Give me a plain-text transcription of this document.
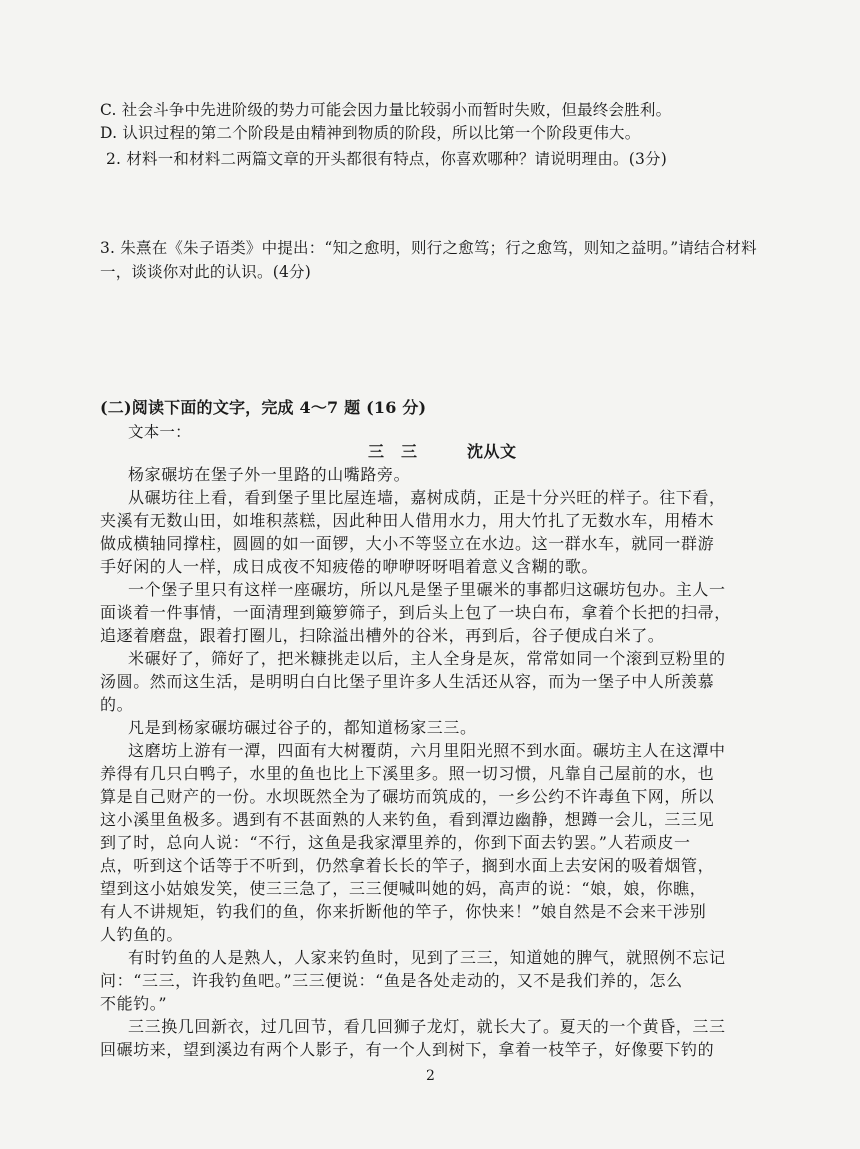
C. 社会斗争中先进阶级的势力可能会因力量比较弱小而暂时失败，但最终会胜利。
D. 认识过程的第二个阶段是由精神到物质的阶段，所以比第一个阶段更伟大。
2. 材料一和材料二两篇文章的开头都很有特点，你喜欢哪种？请说明理由。(3分)
3. 朱熹在《朱子语类》中提出：“知之愈明，则行之愈笃；行之愈笃，则知之益明。”请结合材料
一，谈谈你对此的认识。(4分)
(二)阅读下面的文字，完成 4～7 题 (16 分)
文本一：
三　三　　　沈从文
杨家碾坊在堡子外一里路的山嘴路旁。
从碾坊往上看，看到堡子里比屋连墙，嘉树成荫，正是十分兴旺的样子。往下看，
夹溪有无数山田，如堆积蒸糕，因此种田人借用水力，用大竹扎了无数水车，用椿木
做成横轴同撑柱，圆圆的如一面锣，大小不等竖立在水边。这一群水车，就同一群游
手好闲的人一样，成日成夜不知疲倦的咿咿呀呀唱着意义含糊的歌。
一个堡子里只有这样一座碾坊，所以凡是堡子里碾米的事都归这碾坊包办。主人一
面谈着一件事情，一面清理到簸箩筛子，到后头上包了一块白布，拿着个长把的扫帚，
追逐着磨盘，跟着打圈儿，扫除溢出槽外的谷米，再到后，谷子便成白米了。
米碾好了，筛好了，把米糠挑走以后，主人全身是灰，常常如同一个滚到豆粉里的
汤圆。然而这生活，是明明白白比堡子里许多人生活还从容，而为一堡子中人所羡慕
的。
凡是到杨家碾坊碾过谷子的，都知道杨家三三。
这磨坊上游有一潭，四面有大树覆荫，六月里阳光照不到水面。碾坊主人在这潭中
养得有几只白鸭子，水里的鱼也比上下溪里多。照一切习惯，凡靠自己屋前的水，也
算是自己财产的一份。水坝既然全为了碾坊而筑成的，一乡公约不许毒鱼下网，所以
这小溪里鱼极多。遇到有不甚面熟的人来钓鱼，看到潭边幽静，想蹲一会儿，三三见
到了时，总向人说：“不行，这鱼是我家潭里养的，你到下面去钓罢。”人若顽皮一
点，听到这个话等于不听到，仍然拿着长长的竿子，搁到水面上去安闲的吸着烟管，
望到这小姑娘发笑，使三三急了，三三便喊叫她的妈，高声的说：“娘，娘，你瞧，
有人不讲规矩，钓我们的鱼，你来折断他的竿子，你快来！”娘自然是不会来干涉别
人钓鱼的。
有时钓鱼的人是熟人，人家来钓鱼时，见到了三三，知道她的脾气，就照例不忘记
问：“三三，许我钓鱼吧。”三三便说：“鱼是各处走动的，又不是我们养的，怎么
不能钓。”
2
三三换几回新衣，过几回节，看几回狮子龙灯，就长大了。夏天的一个黄昏，三三
回碾坊来，望到溪边有两个人影子，有一个人到树下，拿着一枝竿子，好像要下钓的
